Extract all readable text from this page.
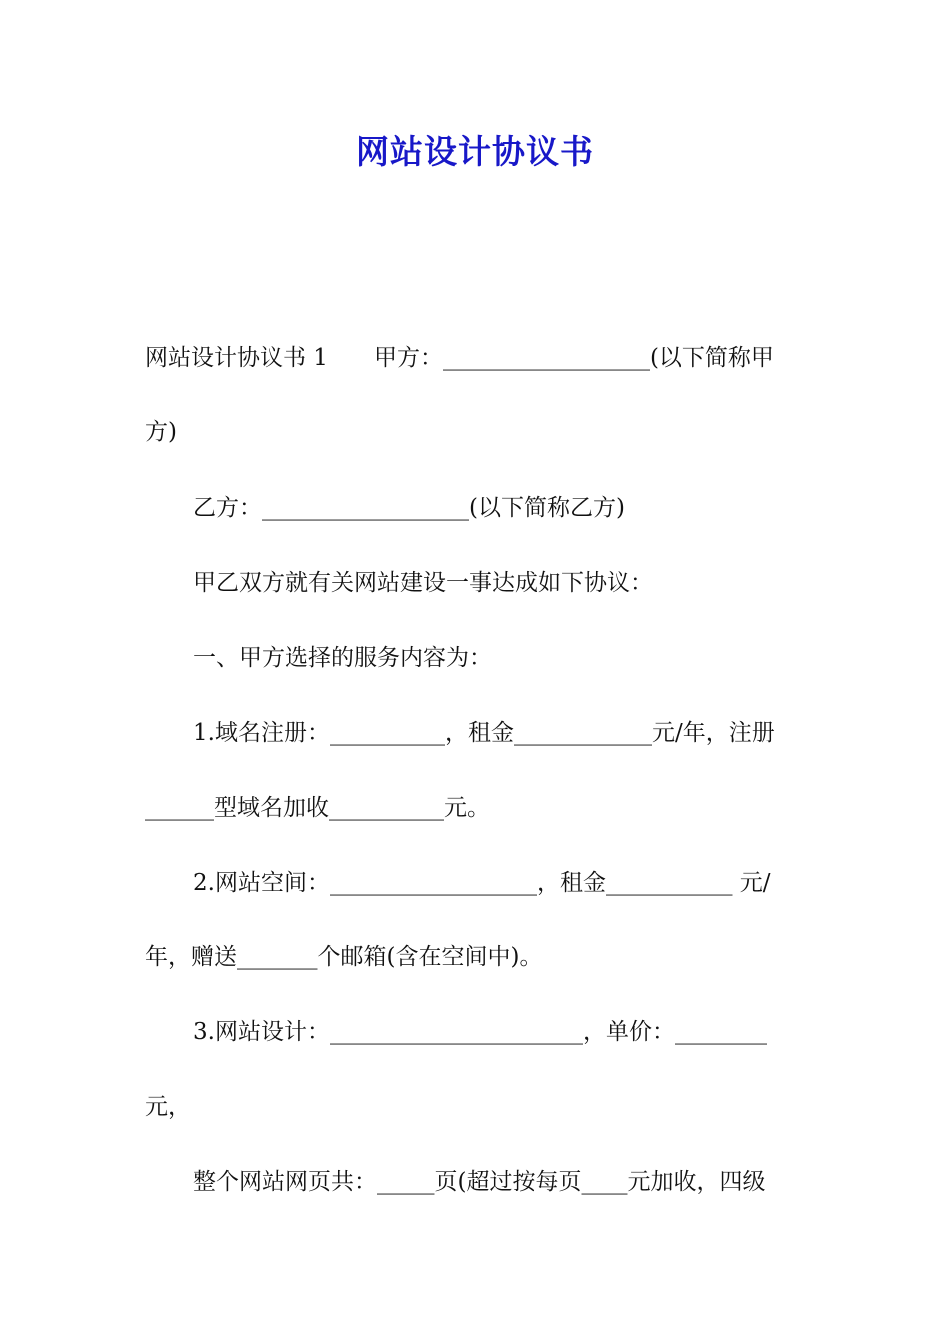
网站设计协议书
网站设计协议书 1　　甲方：__________________(以下简称甲
方)
乙方：__________________(以下简称乙方)
甲乙双方就有关网站建设一事达成如下协议：
一、甲方选择的服务内容为：
1.域名注册：__________，租金____________元/年，注册
______型域名加收__________元。
2.网站空间：__________________，租金___________ 元/
年，赠送_______个邮箱(含在空间中)。
3.网站设计：______________________，单价：________
元，
整个网站网页共：_____页(超过按每页____元加收，四级
